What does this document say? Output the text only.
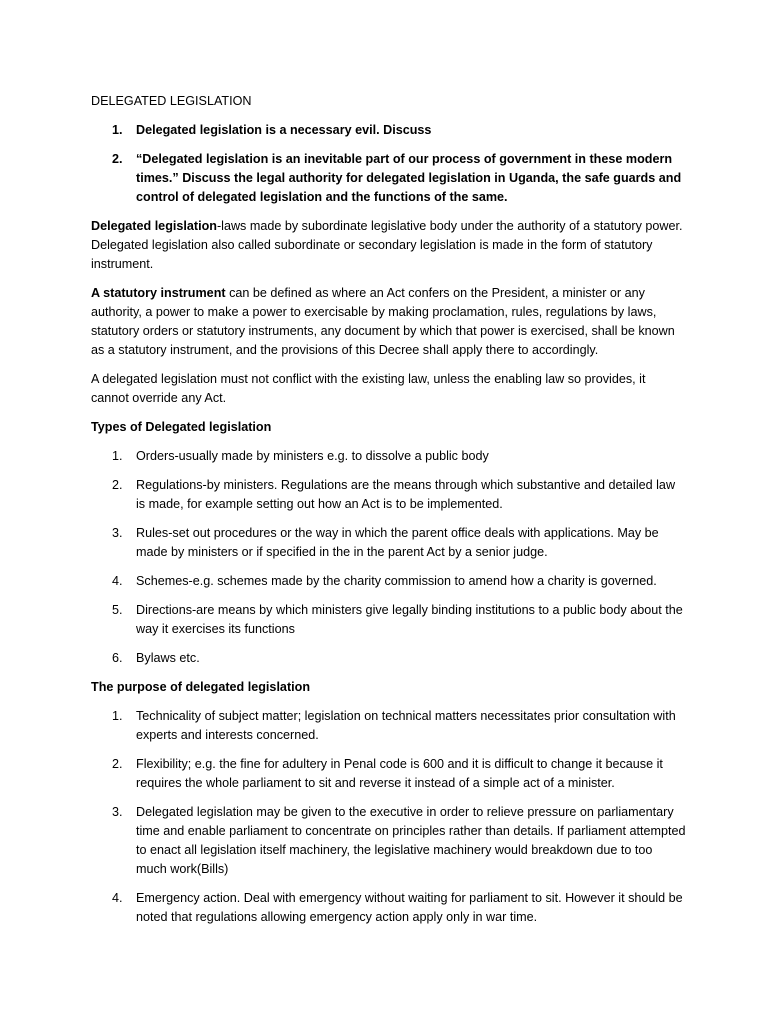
DELEGATED LEGISLATION
1. Delegated legislation is a necessary evil. Discuss
2. “Delegated legislation is an inevitable part of our process of government in these modern times.” Discuss the legal authority for delegated legislation in Uganda, the safe guards and control of delegated legislation and the functions of the same.

Delegated legislation-laws made by subordinate legislative body under the authority of a statutory power. Delegated legislation also called subordinate or secondary legislation is made in the form of statutory instrument.

A statutory instrument can be defined as where an Act confers on the President, a minister or any authority, a power to make a power to exercisable by making proclamation, rules, regulations by laws, statutory orders or statutory instruments, any document by which that power is exercised, shall be known as a statutory instrument, and the provisions of this Decree shall apply there to accordingly.

A delegated legislation must not conflict with the existing law, unless the enabling law so provides, it cannot override any Act.

Types of Delegated legislation
1. Orders-usually made by ministers e.g. to dissolve a public body
2. Regulations-by ministers. Regulations are the means through which substantive and detailed law is made, for example setting out how an Act is to be implemented.
3. Rules-set out procedures or the way in which the parent office deals with applications. May be made by ministers or if specified in the in the parent Act by a senior judge.
4. Schemes-e.g. schemes made by the charity commission to amend how a charity is governed.
5. Directions-are means by which ministers give legally binding institutions to a public body about the way it exercises its functions
6. Bylaws etc.
The purpose of delegated legislation
1. Technicality of subject matter; legislation on technical matters necessitates prior consultation with experts and interests concerned.
2. Flexibility; e.g. the fine for adultery in Penal code is 600 and it is difficult to change it because it requires the whole parliament to sit and reverse it instead of a simple act of a minister.
3. Delegated legislation may be given to the executive in order to relieve pressure on parliamentary time and enable parliament to concentrate on principles rather than details. If parliament attempted to enact all legislation itself machinery, the legislative machinery would breakdown due to too much work(Bills)
4. Emergency action. Deal with emergency without waiting for parliament to sit. However it should be noted that regulations allowing emergency action apply only in war time.
